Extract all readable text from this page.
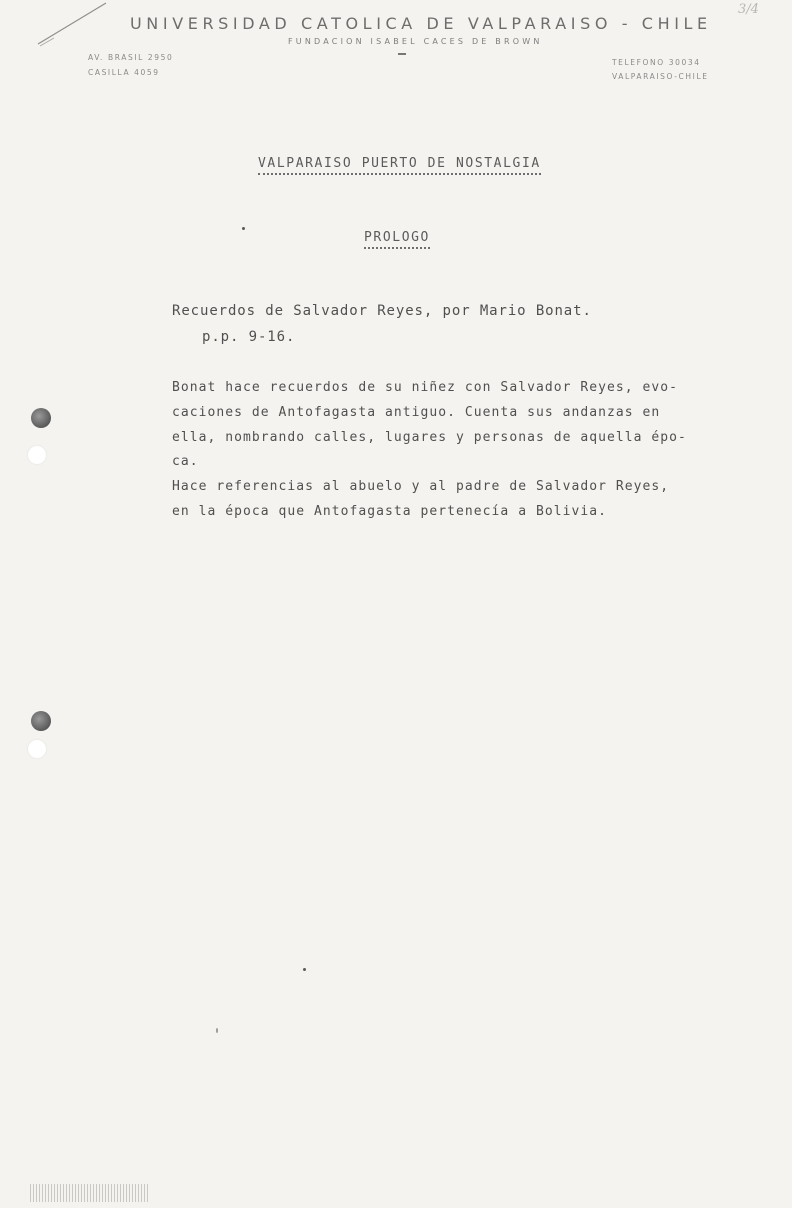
3/4
UNIVERSIDAD CATOLICA DE VALPARAISO - CHILE
FUNDACION ISABEL CACES DE BROWN
AV. BRASIL 2950
CASILLA 4059
TELEFONO 30034
VALPARAISO-CHILE
VALPARAISO PUERTO DE NOSTALGIA
PROLOGO
Recuerdos de Salvador Reyes, por Mario Bonat.
p.p. 9-16.
Bonat hace recuerdos de su niñez con Salvador Reyes, evo-
caciones de Antofagasta antiguo. Cuenta sus andanzas en
ella, nombrando calles, lugares y personas de aquella épo-
ca.
Hace referencias al abuelo y al padre de Salvador Reyes,
en la época que Antofagasta pertenecía a Bolivia.
